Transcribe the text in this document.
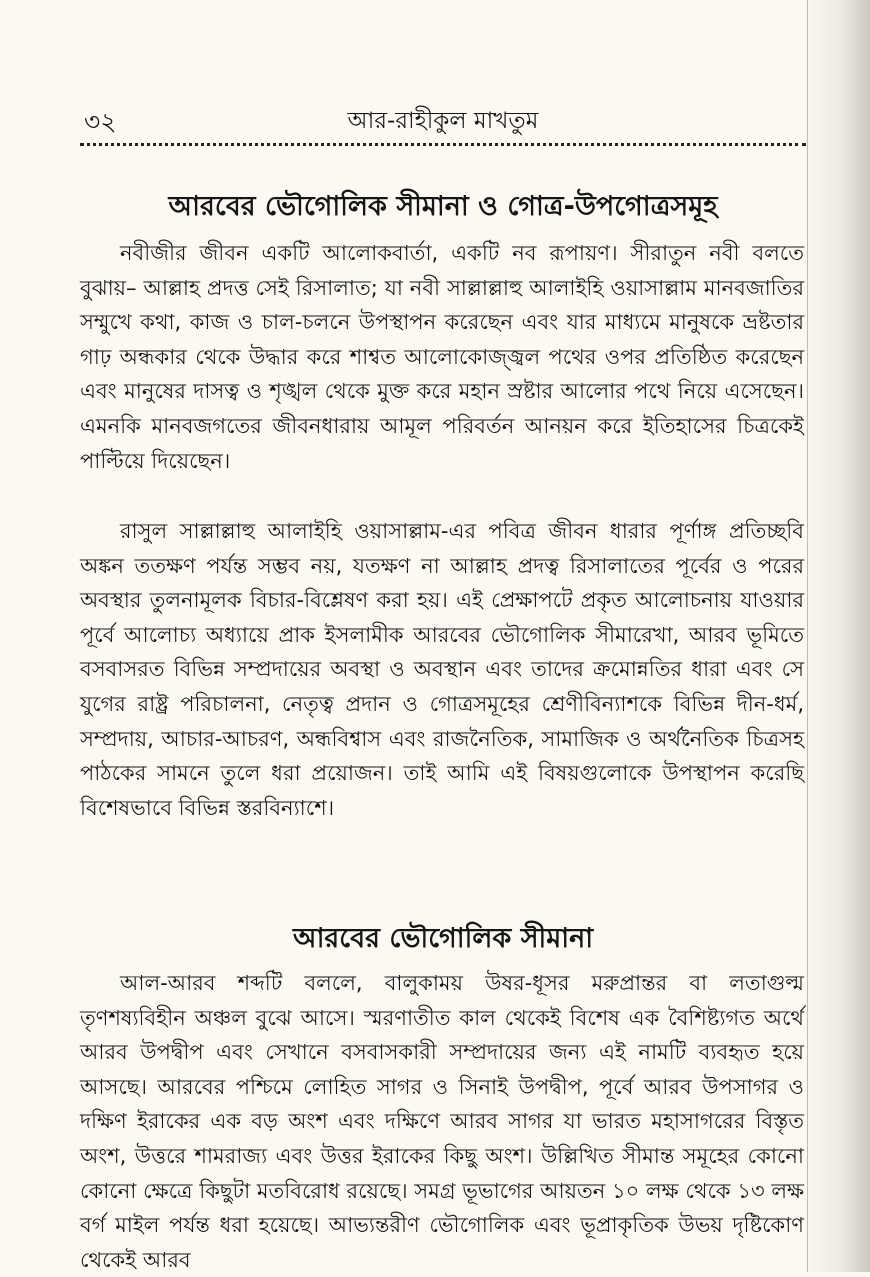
৩২	আর-রাহীকুল মাখতুম
আরবের ভৌগোলিক সীমানা ও গোত্র-উপগোত্রসমূহ

নবীজীর জীবন একটি আলোকবার্তা, একটি নব রূপায়ণ। সীরাতুন নবী বলতে বুঝায়– আল্লাহ প্রদত্ত সেই রিসালাত; যা নবী সাল্লাল্লাহু আলাইহি ওয়াসাল্লাম মানবজাতির সম্মুখে কথা, কাজ ও চাল-চলনে উপস্থাপন করেছেন এবং যার মাধ্যমে মানুষকে ভ্রষ্টতার গাঢ় অন্ধকার থেকে উদ্ধার করে শাশ্বত আলোকোজ্জ্বল পথের ওপর প্রতিষ্ঠিত করেছেন এবং মানুষের দাসত্ব ও শৃঙ্খল থেকে মুক্ত করে মহান স্রষ্টার আলোর পথে নিয়ে এসেছেন। এমনকি মানবজগতের জীবনধারায় আমূল পরিবর্তন আনয়ন করে ইতিহাসের চিত্রকেই পাল্টিয়ে দিয়েছেন।

রাসুল সাল্লাল্লাহু আলাইহি ওয়াসাল্লাম-এর পবিত্র জীবন ধারার পূর্ণাঙ্গ প্রতিচ্ছবি অঙ্কন ততক্ষণ পর্যন্ত সম্ভব নয়, যতক্ষণ না আল্লাহ প্রদত্ব রিসালাতের পূর্বের ও পরের অবস্থার তুলনামূলক বিচার-বিশ্লেষণ করা হয়। এই প্রেক্ষাপটে প্রকৃত আলোচনায় যাওয়ার পূর্বে আলোচ্য অধ্যায়ে প্রাক ইসলামীক আরবের ভৌগোলিক সীমারেখা, আরব ভূমিতে বসবাসরত বিভিন্ন সম্প্রদায়ের অবস্থা ও অবস্থান এবং তাদের ক্রমোন্নতির ধারা এবং সে যুগের রাষ্ট্র পরিচালনা, নেতৃত্ব প্রদান ও গোত্রসমূহের শ্রেণীবিন্যাশকে বিভিন্ন দীন-ধর্ম, সম্প্রদায়, আচার-আচরণ, অন্ধবিশ্বাস এবং রাজনৈতিক, সামাজিক ও অর্থনৈতিক চিত্রসহ পাঠকের সামনে তুলে ধরা প্রয়োজন। তাই আমি এই বিষয়গুলোকে উপস্থাপন করেছি বিশেষভাবে বিভিন্ন স্তরবিন্যাশে।

আরবের ভৌগোলিক সীমানা

আল-আরব শব্দটি বললে, বালুকাময় উষর-ধূসর মরুপ্রান্তর বা লতাগুল্ম তৃণশষ্যবিহীন অঞ্চল বুঝে আসে। স্মরণাতীত কাল থেকেই বিশেষ এক বৈশিষ্ট্যগত অর্থে আরব উপদ্বীপ এবং সেখানে বসবাসকারী সম্প্রদায়ের জন্য এই নামটি ব্যবহৃত হয়ে আসছে। আরবের পশ্চিমে লোহিত সাগর ও সিনাই উপদ্বীপ, পূর্বে আরব উপসাগর ও দক্ষিণ ইরাকের এক বড় অংশ এবং দক্ষিণে আরব সাগর যা ভারত মহাসাগরের বিস্তৃত অংশ, উত্তরে শামরাজ্য এবং উত্তর ইরাকের কিছু অংশ। উল্লিখিত সীমান্ত সমূহের কোনো কোনো ক্ষেত্রে কিছুটা মতবিরোধ রয়েছে। সমগ্র ভূভাগের আয়তন ১০ লক্ষ থেকে ১৩ লক্ষ বর্গ মাইল পর্যন্ত ধরা হয়েছে। আভ্যন্তরীণ ভৌগোলিক এবং ভূপ্রাকৃতিক উভয় দৃষ্টিকোণ থেকেই আরব
